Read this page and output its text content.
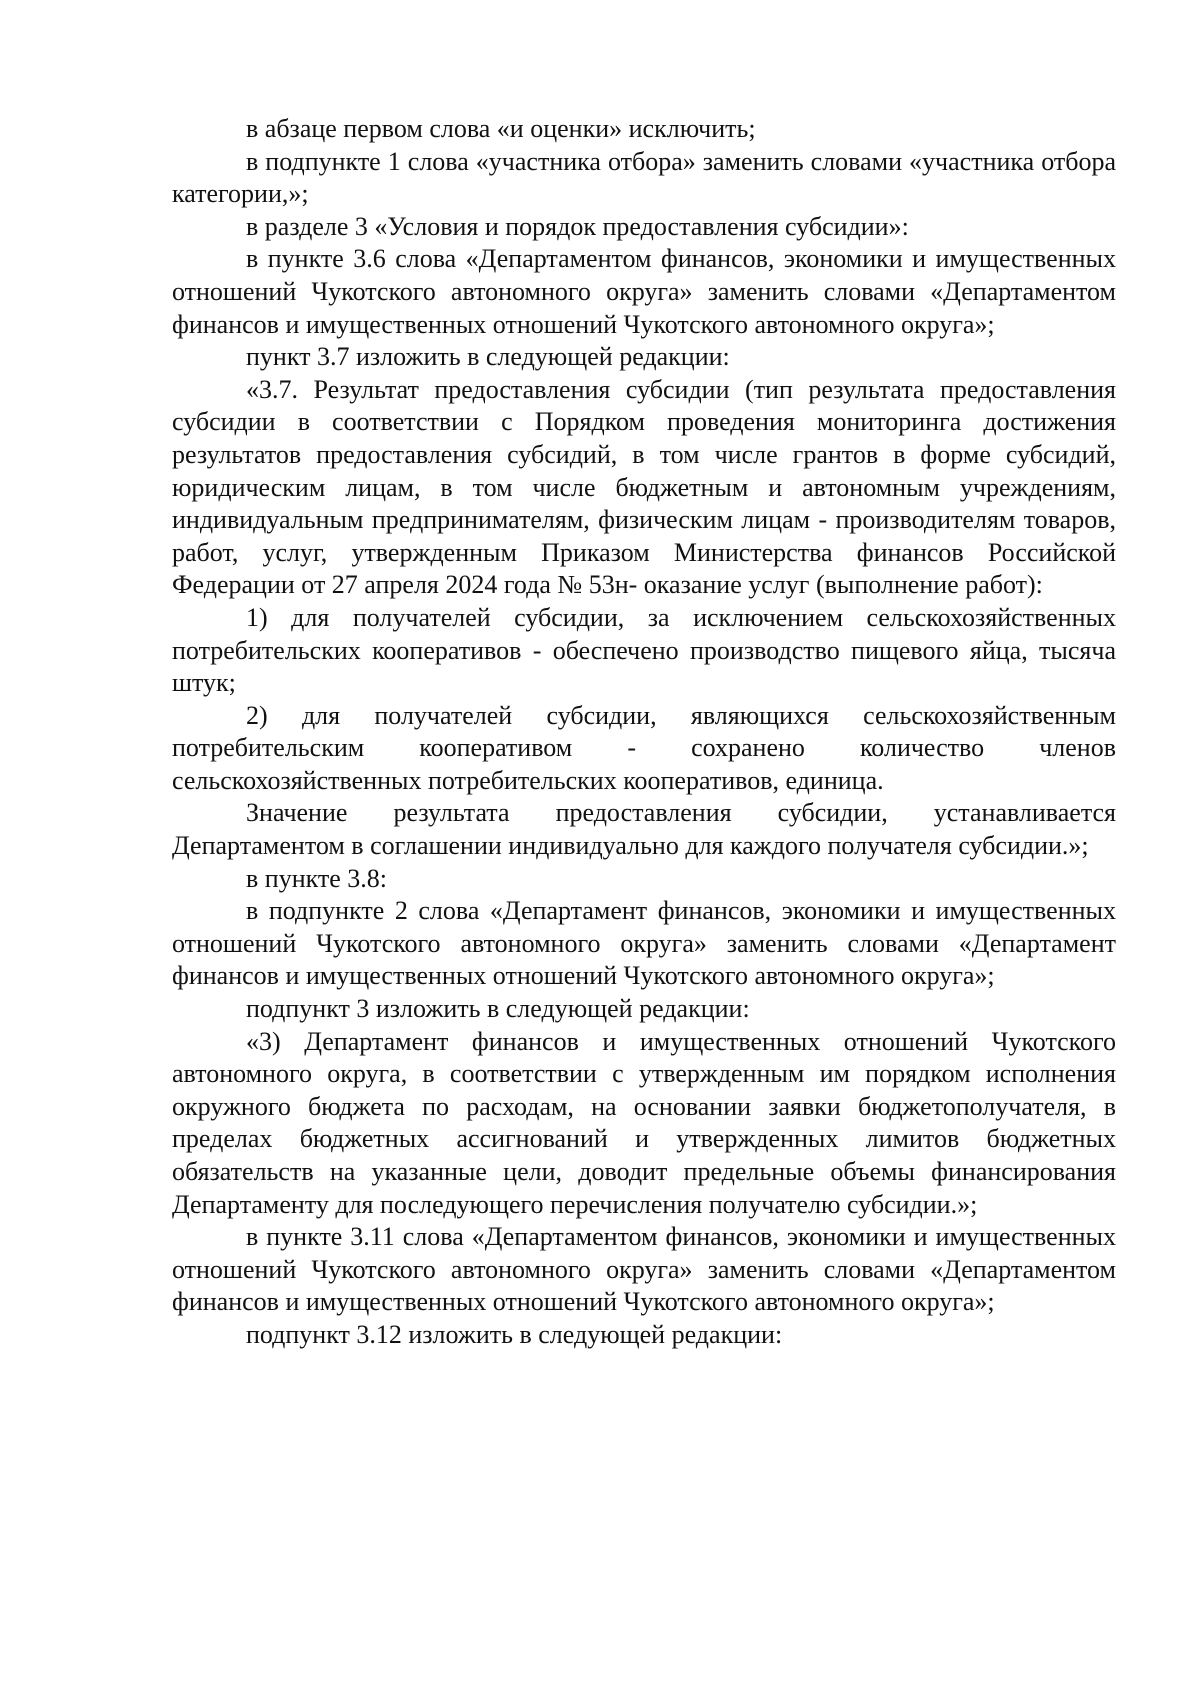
в абзаце первом слова «и оценки» исключить;

в подпункте 1 слова «участника отбора» заменить словами «участника отбора категории,»;

в разделе 3 «Условия и порядок предоставления субсидии»:

в пункте 3.6 слова «Департаментом финансов, экономики и имущественных отношений Чукотского автономного округа» заменить словами «Департаментом финансов и имущественных отношений Чукотского автономного округа»;

пункт 3.7 изложить в следующей редакции:

«3.7. Результат предоставления субсидии (тип результата предоставления субсидии в соответствии с Порядком проведения мониторинга достижения результатов предоставления субсидий, в том числе грантов в форме субсидий, юридическим лицам, в том числе бюджетным и автономным учреждениям, индивидуальным предпринимателям, физическим лицам - производителям товаров, работ, услуг, утвержденным Приказом Министерства финансов Российской Федерации от 27 апреля 2024 года № 53н- оказание услуг (выполнение работ):

1) для получателей субсидии, за исключением сельскохозяйственных потребительских кооперативов - обеспечено производство пищевого яйца, тысяча штук;

2) для получателей субсидии, являющихся сельскохозяйственным потребительским кооперативом - сохранено количество членов сельскохозяйственных потребительских кооперативов, единица.

Значение результата предоставления субсидии, устанавливается Департаментом в соглашении индивидуально для каждого получателя субсидии.»;

в пункте 3.8:

в подпункте 2 слова «Департамент финансов, экономики и имущественных отношений Чукотского автономного округа» заменить словами «Департамент финансов и имущественных отношений Чукотского автономного округа»;

подпункт 3 изложить в следующей редакции:

«3) Департамент финансов и имущественных отношений Чукотского автономного округа, в соответствии с утвержденным им порядком исполнения окружного бюджета по расходам, на основании заявки бюджетополучателя, в пределах бюджетных ассигнований и утвержденных лимитов бюджетных обязательств на указанные цели, доводит предельные объемы финансирования Департаменту для последующего перечисления получателю субсидии.»;

в пункте 3.11 слова «Департаментом финансов, экономики и имущественных отношений Чукотского автономного округа» заменить словами «Департаментом финансов и имущественных отношений Чукотского автономного округа»;

подпункт 3.12 изложить в следующей редакции:
